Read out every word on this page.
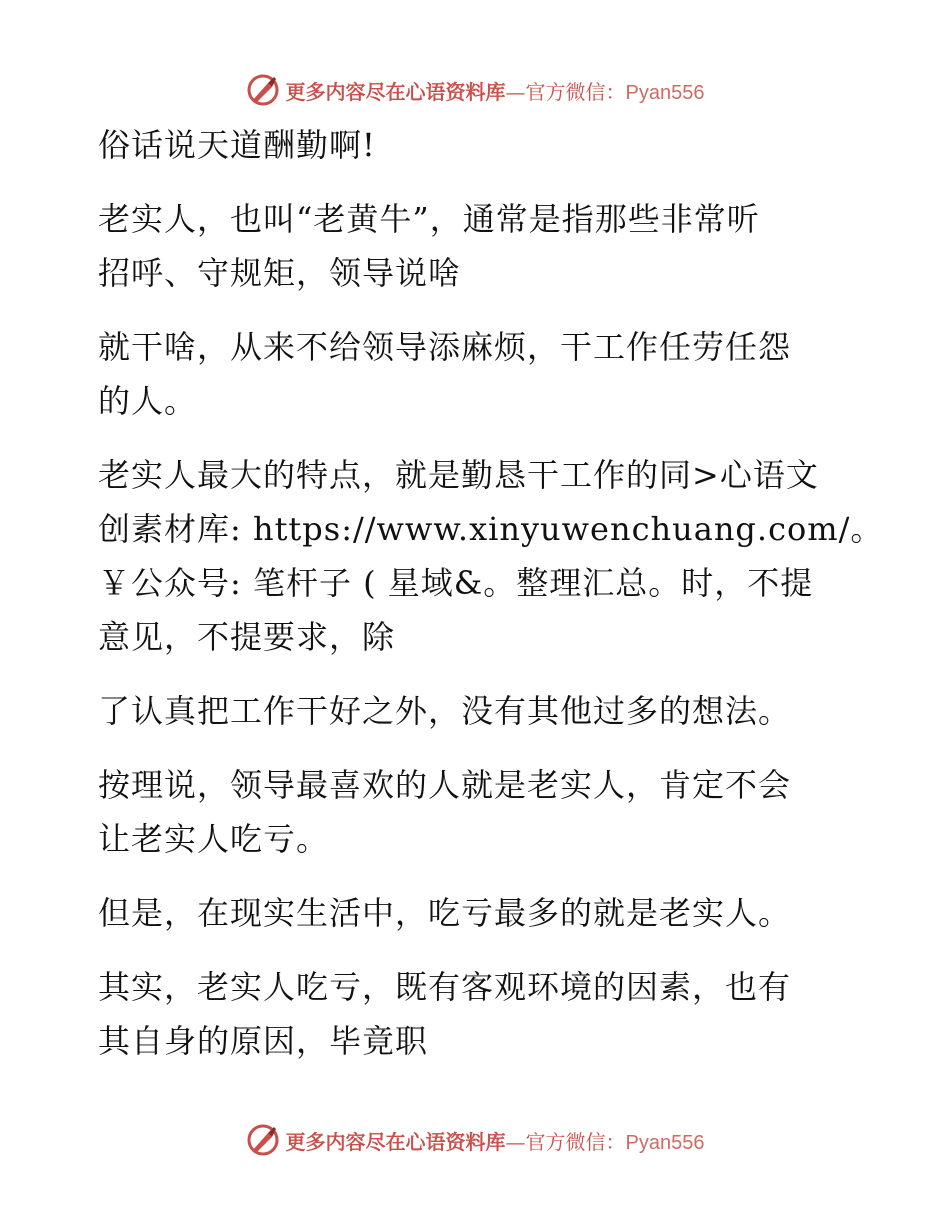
更多内容尽在心语资料库—官方微信：Pyan556
俗话说天道酬勤啊!
老实人，也叫“老黄牛”，通常是指那些非常听
招呼、守规矩，领导说啥
就干啥，从来不给领导添麻烦，干工作任劳任怨
的人。
老实人最大的特点，就是勤恳干工作的同>心语文
创素材库: https://www.xinyuwenchuang.com/。
￥公众号: 笔杆子 ( 星域&。整理汇总。时，不提
意见，不提要求，除
了认真把工作干好之外，没有其他过多的想法。
按理说，领导最喜欢的人就是老实人，肯定不会
让老实人吃亏。
但是，在现实生活中，吃亏最多的就是老实人。
其实，老实人吃亏，既有客观环境的因素，也有
其自身的原因，毕竟职
更多内容尽在心语资料库—官方微信：Pyan556
